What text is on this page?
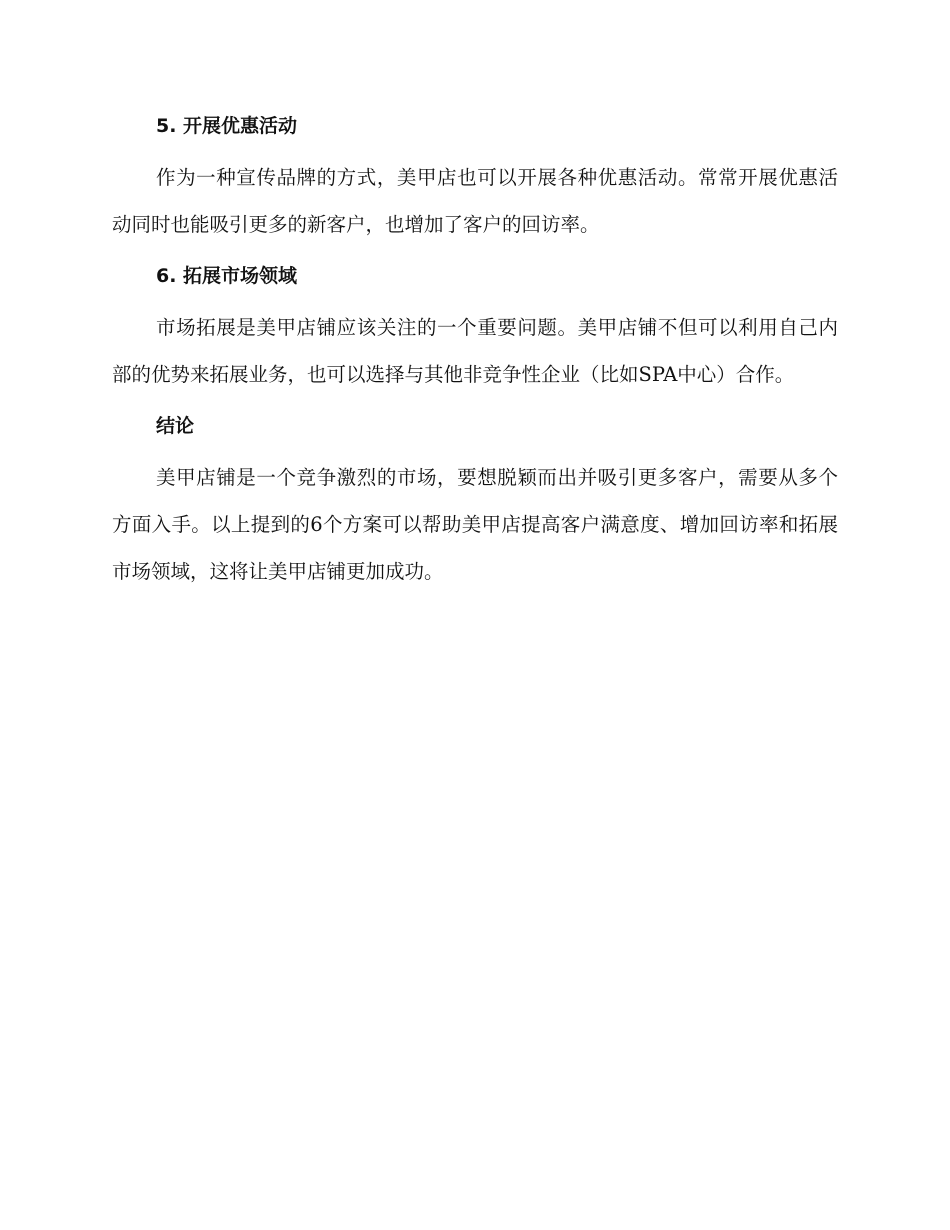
5. 开展优惠活动

作为一种宣传品牌的方式，美甲店也可以开展各种优惠活动。常常开展优惠活动同时也能吸引更多的新客户，也增加了客户的回访率。

6. 拓展市场领域

市场拓展是美甲店铺应该关注的一个重要问题。美甲店铺不但可以利用自己内部的优势来拓展业务，也可以选择与其他非竞争性企业（比如SPA中心）合作。

结论

美甲店铺是一个竞争激烈的市场，要想脱颖而出并吸引更多客户，需要从多个方面入手。以上提到的6个方案可以帮助美甲店提高客户满意度、增加回访率和拓展市场领域，这将让美甲店铺更加成功。
